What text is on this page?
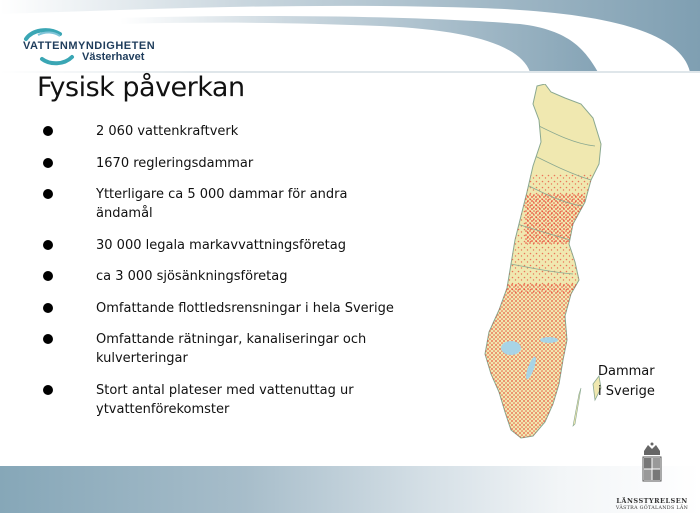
VATTENMYNDIGHETEN
Västerhavet
Fysisk påverkan
2 060 vattenkraftverk
1670 regleringsdammar
Ytterligare ca 5 000 dammar för andra
ändamål
30 000 legala markavvattningsföretag
ca 3 000 sjösänkningsföretag
Omfattande flottledsrensningar i hela Sverige
Omfattande rätningar, kanaliseringar och
kulverteringar
Stort antal plateser med vattenuttag ur
ytvattenförekomster
Dammar
i Sverige
LÄNSSTYRELSEN
VÄSTRA GÖTALANDS LÄN
